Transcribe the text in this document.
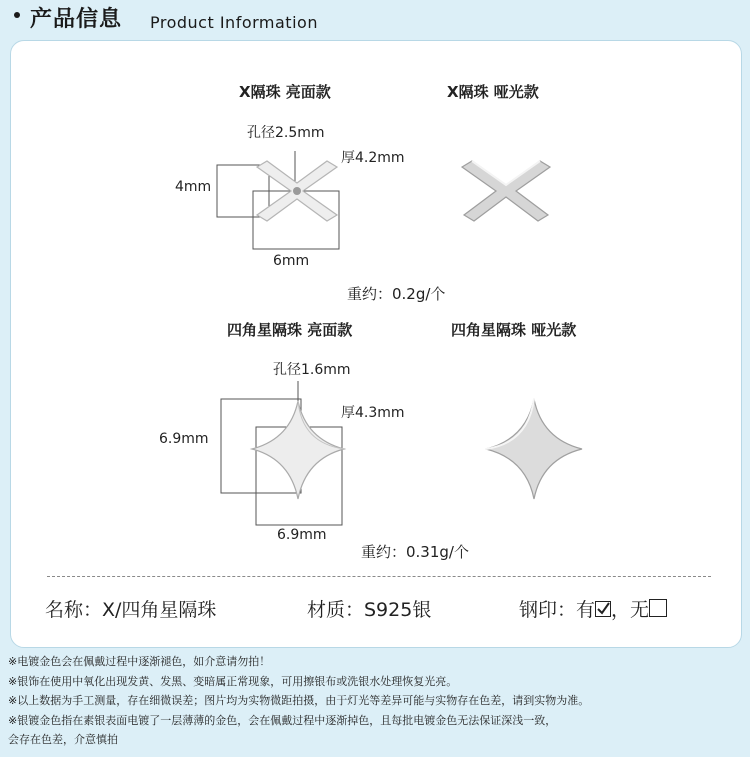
产品信息 Product Information
X隔珠 亮面款	X隔珠 哑光款
孔径2.5mm
厚4.2mm
4mm
6mm
重约：0.2g/个
四角星隔珠 亮面款	四角星隔珠 哑光款
孔径1.6mm
厚4.3mm
6.9mm
6.9mm
重约：0.31g/个
名称：X/四角星隔珠	材质：S925银	钢印：有 ，无
※电镀金色会在佩戴过程中逐渐褪色，如介意请勿拍！
※银饰在使用中氧化出现发黄、发黑、变暗属正常现象，可用擦银布或洗银水处理恢复光亮。
※以上数据为手工测量，存在细微误差；图片均为实物微距拍摄，由于灯光等差异可能与实物存在色差，请到实物为准。
※银镀金色指在素银表面电镀了一层薄薄的金色，会在佩戴过程中逐渐掉色，且每批电镀金色无法保证深浅一致，
会存在色差，介意慎拍
